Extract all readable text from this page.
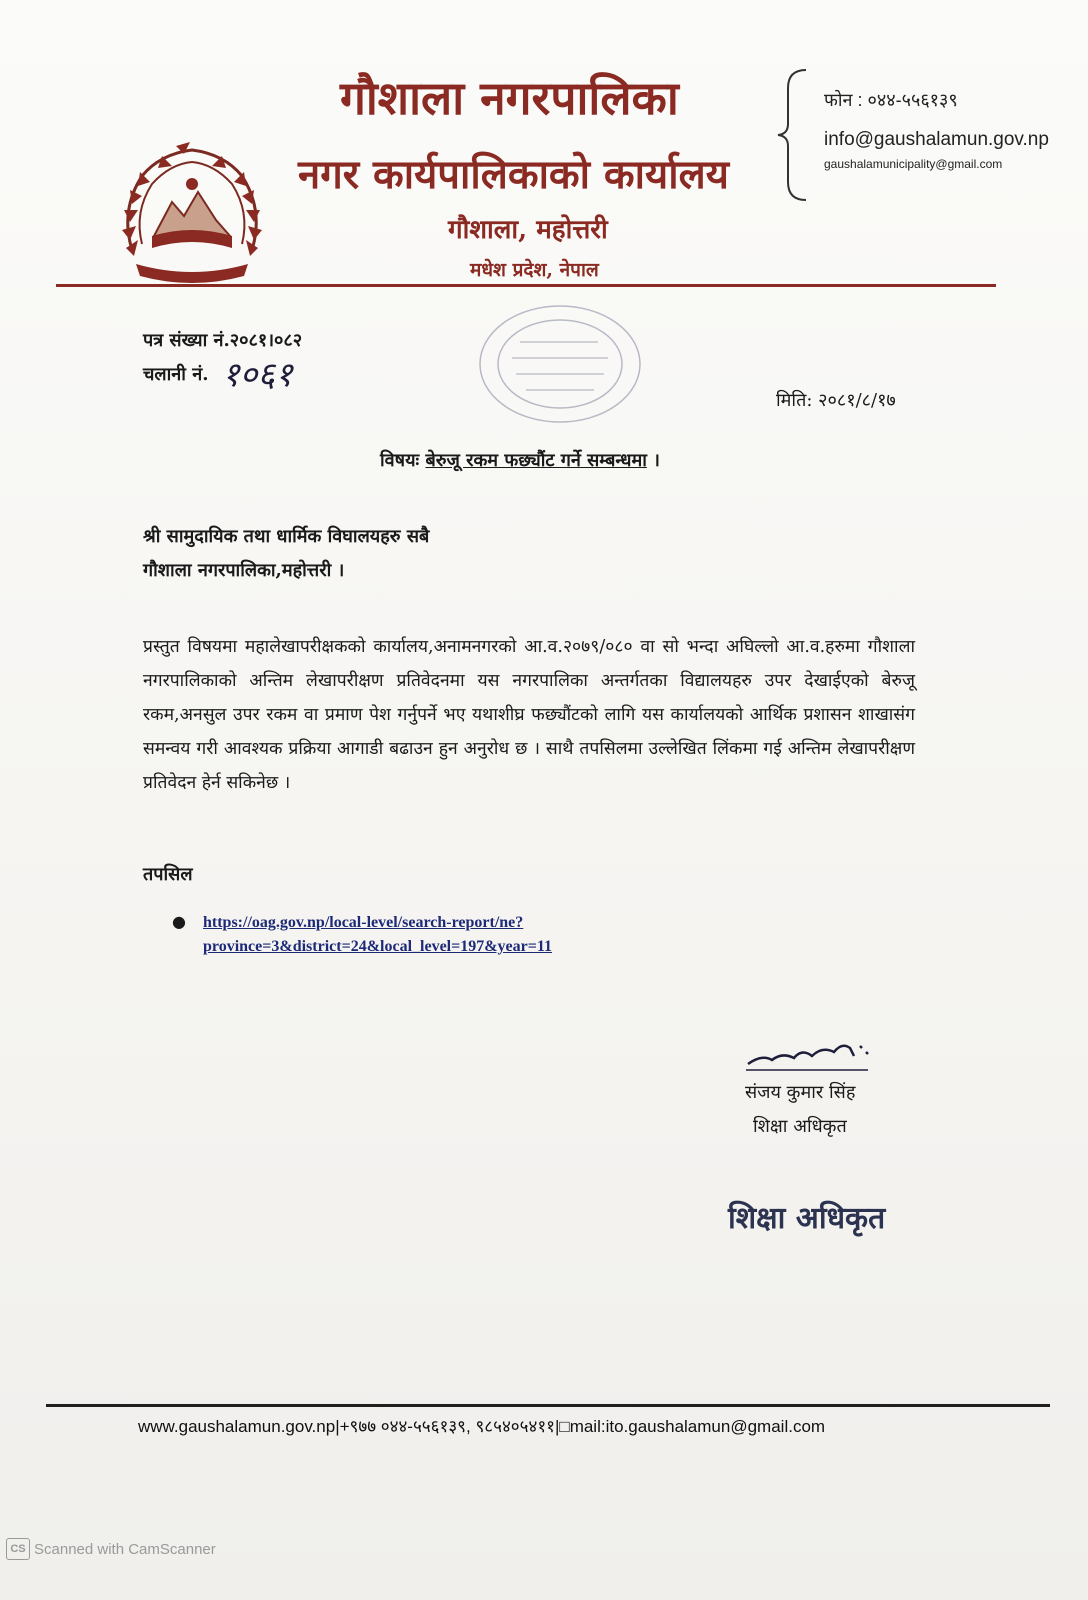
गौशाला नगरपालिका
नगर कार्यपालिकाको कार्यालय
गौशाला, महोत्तरी
मधेश प्रदेश, नेपाल
फोन : ०४४-५५६१३९
info@gaushalamun.gov.np
gaushalamunicipality@gmail.com
पत्र संख्या नं.२०८१।०८२
चलानी नं. १०६१
मिति: २०८१/८/१७
विषयः बेरुजू रकम फछ्यौंट गर्ने सम्बन्धमा ।
श्री सामुदायिक तथा धार्मिक विघालयहरु सबै
गौशाला नगरपालिका,महोत्तरी ।
प्रस्तुत विषयमा महालेखापरीक्षकको कार्यालय,अनामनगरको आ.व.२०७९/०८० वा सो भन्दा अघिल्लो आ.व.हरुमा गौशाला नगरपालिकाको अन्तिम लेखापरीक्षण प्रतिवेदनमा यस नगरपालिका अन्तर्गतका विद्यालयहरु उपर देखाईएको बेरुजू रकम,अनसुल उपर रकम वा प्रमाण पेश गर्नुपर्ने भए यथाशीघ्र फछ्यौंटको लागि यस कार्यालयको आर्थिक प्रशासन शाखासंग समन्वय गरी आवश्यक प्रक्रिया आगाडी बढाउन हुन अनुरोध छ । साथै तपसिलमा उल्लेखित लिंकमा गई अन्तिम लेखापरीक्षण प्रतिवेदन हेर्न सकिनेछ ।
तपसिल
● https://oag.gov.np/local-level/search-report/ne?province=3&district=24&local_level=197&year=11
संजय कुमार सिंह
शिक्षा अधिकृत
शिक्षा अधिकृत
www.gaushalamun.gov.np|+९७७ ०४४-५५६१३९, ९८५४०५४११|□mail:ito.gaushalamun@gmail.com
CS Scanned with CamScanner
